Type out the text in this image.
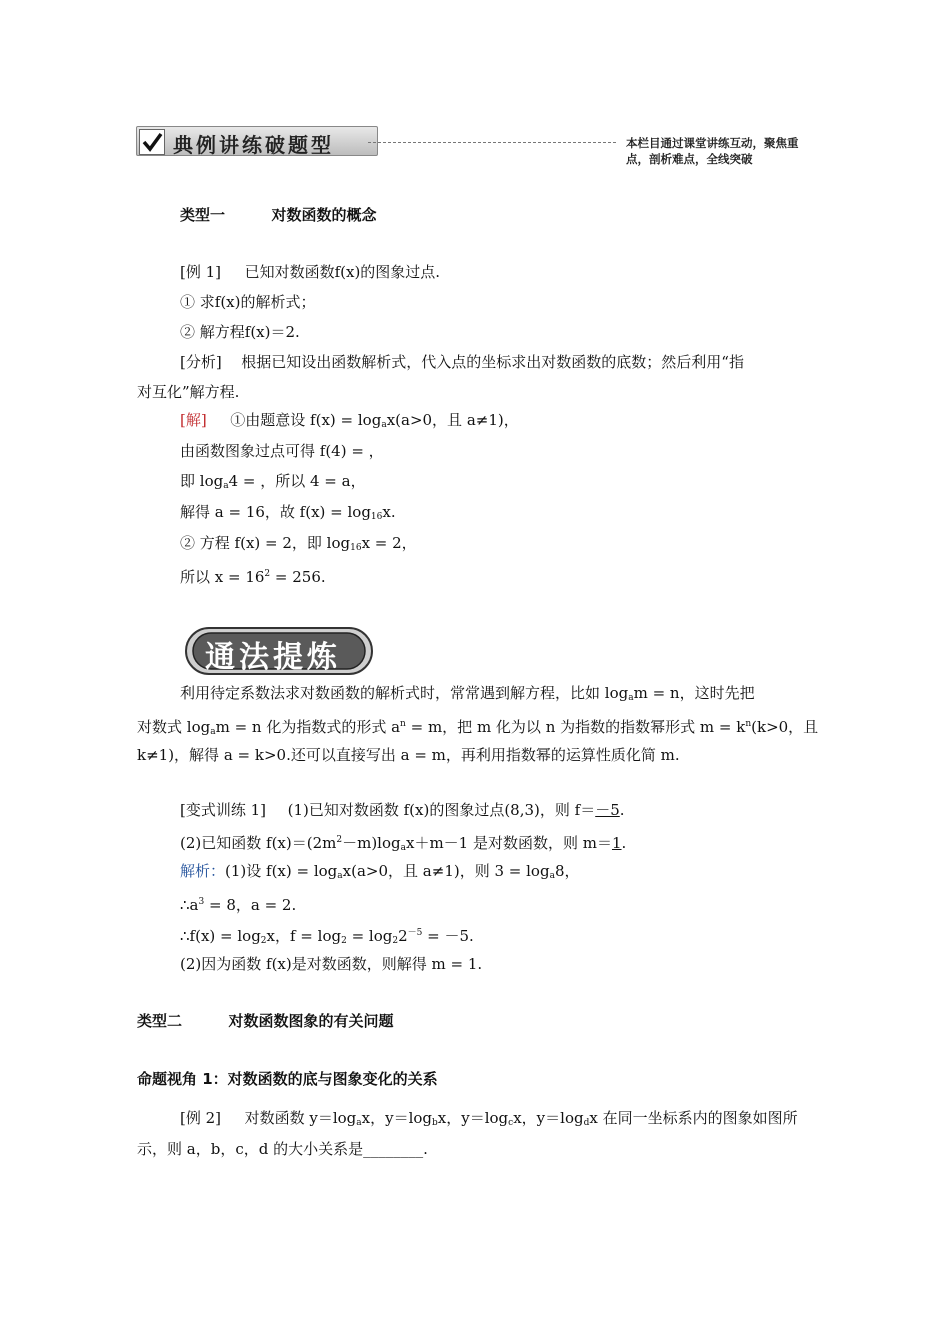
典例讲练破题型	本栏目通过课堂讲练互动，聚焦重点，剖析难点，全线突破
类型一	对数函数的概念
[例 1] 已知对数函数f(x)的图象过点.
① 求f(x)的解析式；
② 解方程f(x)＝2.
[分析] 根据已知设出函数解析式，代入点的坐标求出对数函数的底数；然后利用“指
对互化”解方程.
[解] ①由题意设 $f(x) = \log_ax(a>0$，且 a≠1)，
由函数图象过点可得 f(4) = ，
即 $\log_a4$ = ，所以 4 = a，
解得 a = 16，故 $f(x) = \log_{16}x$.
② 方程 f(x) = 2，即 $\log_{16}x = 2$，
所以 $x = 16^2 = 256$.
通法提炼
利用待定系数法求对数函数的解析式时，常常遇到解方程，比如 $\log_am = n$，这时先把
对数式 $\log_am = n$ 化为指数式的形式 $a^n = m$，把 m 化为以 n 为指数的指数幂形式 $m = k^n(k>0$，且
k≠1)，解得 a = k>0.还可以直接写出 a = m，再利用指数幂的运算性质化简 m.
[变式训练 1] (1)已知对数函数 f(x)的图象过点(8,3)，则 f＝－5.
(2)已知函数 $f(x)=(2m^2-m)\log_ax+m-1$ 是对数函数，则 m＝1.
解析：(1)设 $f(x) = \log_ax(a>0$，且 a≠1)，则 $3 = \log_a8$，
$\therefore a^3 = 8$，a = 2.
∴f(x) = $\log_2x$，$f = \log_2 = \log_22^{-5} = -5$.
(2)因为函数 f(x)是对数函数，则解得 m = 1.
类型二	对数函数图象的有关问题
命题视角 1：对数函数的底与图象变化的关系
[例 2] 对数函数 $y=\log_ax$，$y=\log_bx$，$y=\log_cx$，$y=\log_dx$ 在同一坐标系内的图象如图所
示，则 a，b，c，d 的大小关系是________.
